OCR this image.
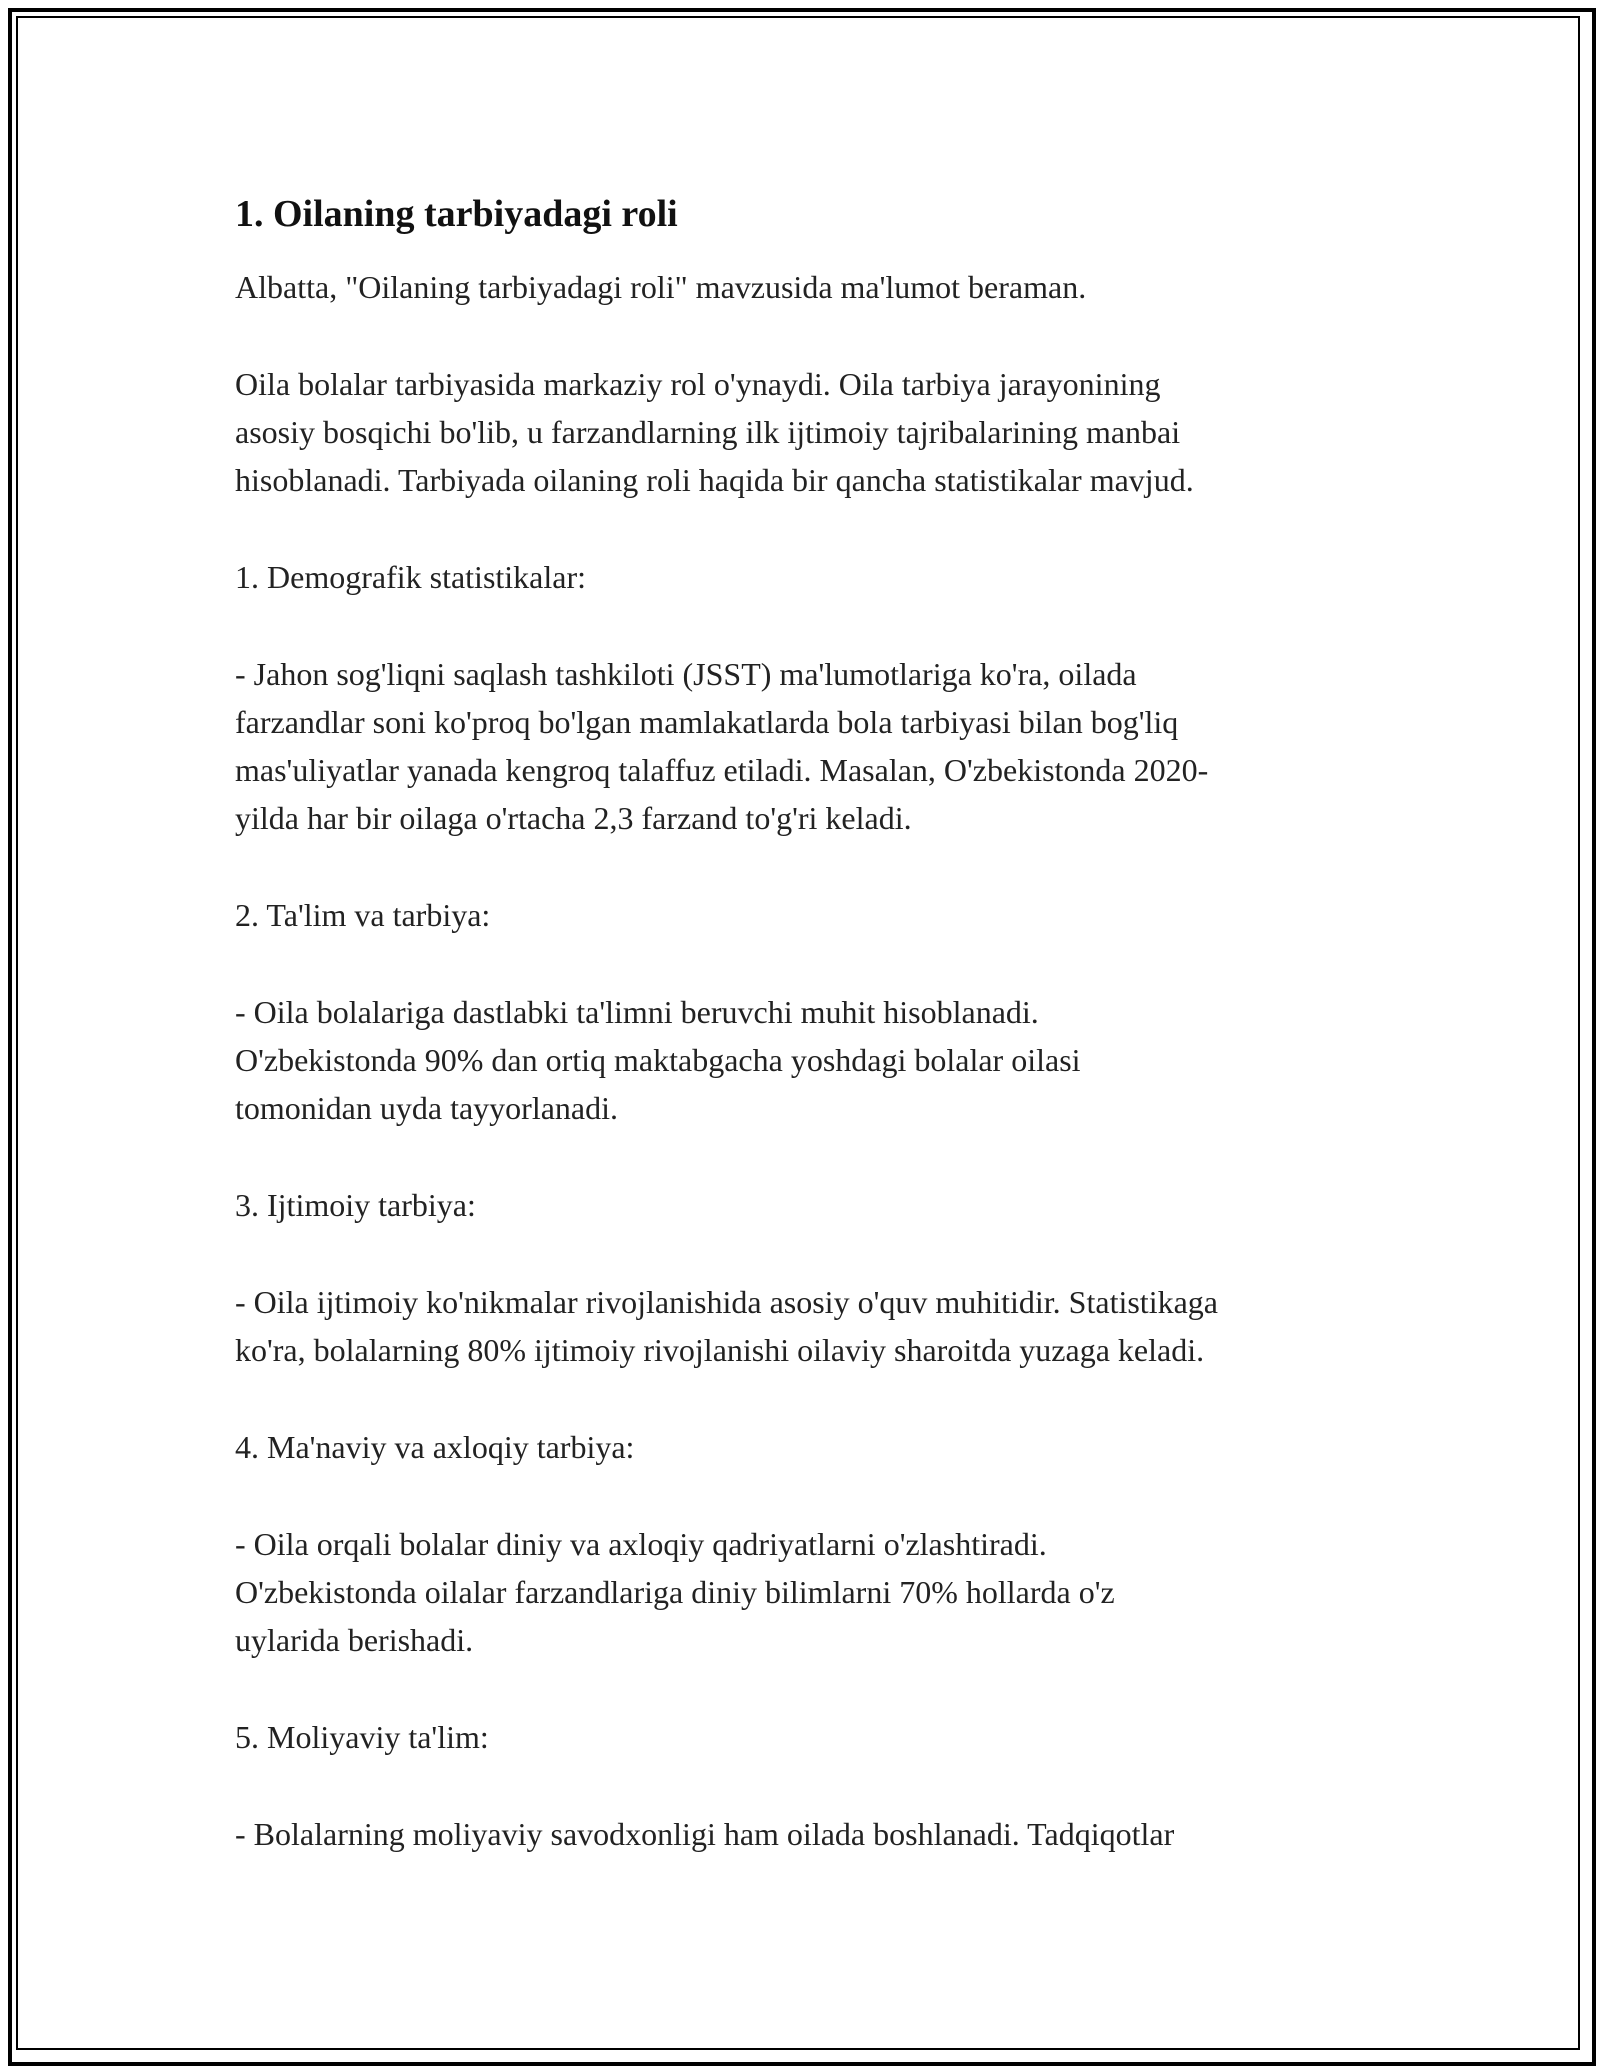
1. Oilaning tarbiyadagi roli

Albatta, "Oilaning tarbiyadagi roli" mavzusida ma'lumot beraman.

Oila bolalar tarbiyasida markaziy rol o'ynaydi. Oila tarbiya jarayonining
asosiy bosqichi bo'lib, u farzandlarning ilk ijtimoiy tajribalarining manbai
hisoblanadi. Tarbiyada oilaning roli haqida bir qancha statistikalar mavjud.

1. Demografik statistikalar:

- Jahon sog'liqni saqlash tashkiloti (JSST) ma'lumotlariga ko'ra, oilada
farzandlar soni ko'proq bo'lgan mamlakatlarda bola tarbiyasi bilan bog'liq
mas'uliyatlar yanada kengroq talaffuz etiladi. Masalan, O'zbekistonda 2020-
yilda har bir oilaga o'rtacha 2,3 farzand to'g'ri keladi.

2. Ta'lim va tarbiya:

- Oila bolalariga dastlabki ta'limni beruvchi muhit hisoblanadi.
O'zbekistonda 90% dan ortiq maktabgacha yoshdagi bolalar oilasi
tomonidan uyda tayyorlanadi.

3. Ijtimoiy tarbiya:

- Oila ijtimoiy ko'nikmalar rivojlanishida asosiy o'quv muhitidir. Statistikaga
ko'ra, bolalarning 80% ijtimoiy rivojlanishi oilaviy sharoitda yuzaga keladi.

4. Ma'naviy va axloqiy tarbiya:

- Oila orqali bolalar diniy va axloqiy qadriyatlarni o'zlashtiradi.
O'zbekistonda oilalar farzandlariga diniy bilimlarni 70% hollarda o'z
uylarida berishadi.

5. Moliyaviy ta'lim:

- Bolalarning moliyaviy savodxonligi ham oilada boshlanadi. Tadqiqotlar
